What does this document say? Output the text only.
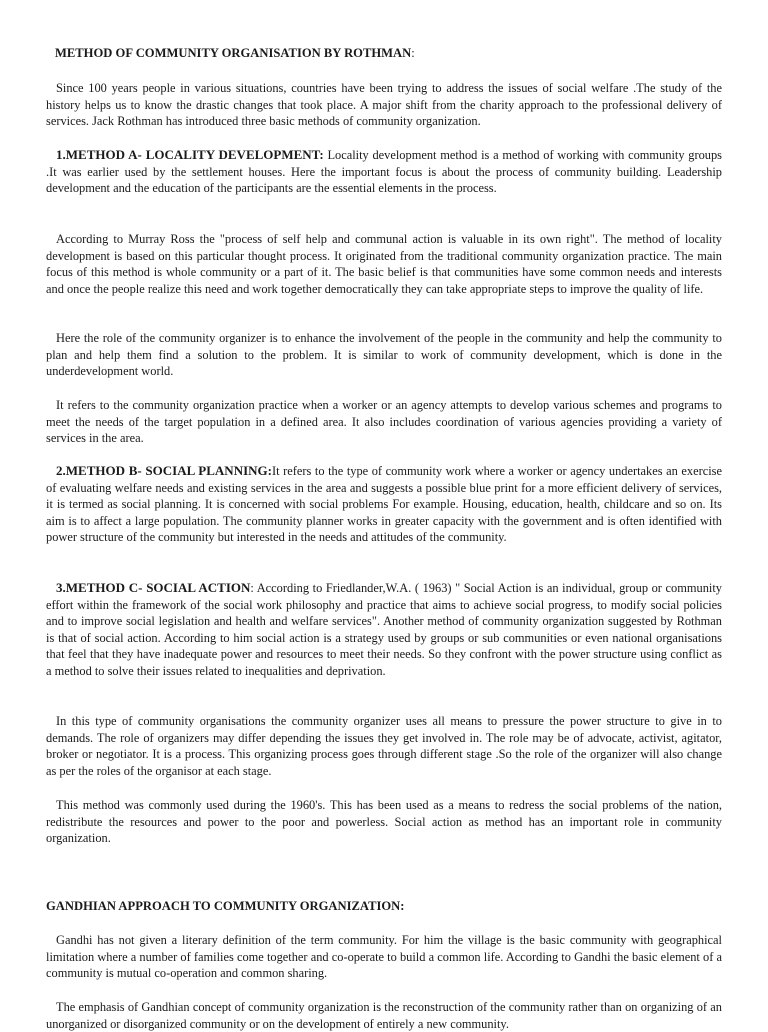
METHOD OF COMMUNITY ORGANISATION BY ROTHMAN:

Since 100 years people in various situations, countries have been trying to address the issues of social welfare .The study of the history helps us to know the drastic changes that took place. A major shift from the charity approach to the professional delivery of services. Jack Rothman has introduced three basic methods of community organization.

1.METHOD A- LOCALITY DEVELOPMENT: Locality development method is a method of working with community groups .It was earlier used by the settlement houses. Here the important focus is about the process of community building. Leadership development and the education of the participants are the essential elements in the process.

According to Murray Ross the "process of self help and communal action is valuable in its own right". The method of locality development is based on this particular thought process. It originated from the traditional community organization practice. The main focus of this method is whole community or a part of it. The basic belief is that communities have some common needs and interests and once the people realize this need and work together democratically they can take appropriate steps to improve the quality of life.

Here the role of the community organizer is to enhance the involvement of the people in the community and help the community to plan and help them find a solution to the problem. It is similar to work of community development, which is done in the underdevelopment world.

It refers to the community organization practice when a worker or an agency attempts to develop various schemes and programs to meet the needs of the target population in a defined area. It also includes coordination of various agencies providing a variety of services in the area.

2.METHOD B- SOCIAL PLANNING:It refers to the type of community work where a worker or agency undertakes an exercise of evaluating welfare needs and existing services in the area and suggests a possible blue print for a more efficient delivery of services, it is termed as social planning. It is concerned with social problems For example. Housing, education, health, childcare and so on. Its aim is to affect a large population. The community planner works in greater capacity with the government and is often identified with power structure of the community but interested in the needs and attitudes of the community.

3.METHOD C- SOCIAL ACTION: According to Friedlander,W.A. ( 1963) " Social Action is an individual, group or community effort within the framework of the social work philosophy and practice that aims to achieve social progress, to modify social policies and to improve social legislation and health and welfare services". Another method of community organization suggested by Rothman is that of social action. According to him social action is a strategy used by groups or sub communities or even national organisations that feel that they have inadequate power and resources to meet their needs. So they confront with the power structure using conflict as a method to solve their issues related to inequalities and deprivation.

In this type of community organisations the community organizer uses all means to pressure the power structure to give in to demands. The role of organizers may differ depending the issues they get involved in. The role may be of advocate, activist, agitator, broker or negotiator. It is a process. This organizing process goes through different stage .So the role of the organizer will also change as per the roles of the organisor at each stage.

This method was commonly used during the 1960's. This has been used as a means to redress the social problems of the nation, redistribute the resources and power to the poor and powerless. Social action as method has an important role in community organization.

GANDHIAN APPROACH TO COMMUNITY ORGANIZATION:

Gandhi has not given a literary definition of the term community. For him the village is the basic community with geographical limitation where a number of families come together and co-operate to build a common life. According to Gandhi the basic element of a community is mutual co-operation and common sharing.

The emphasis of Gandhian concept of community organization is the reconstruction of the community rather than on organizing of an unorganized or disorganized community or on the development of entirely a new community.
